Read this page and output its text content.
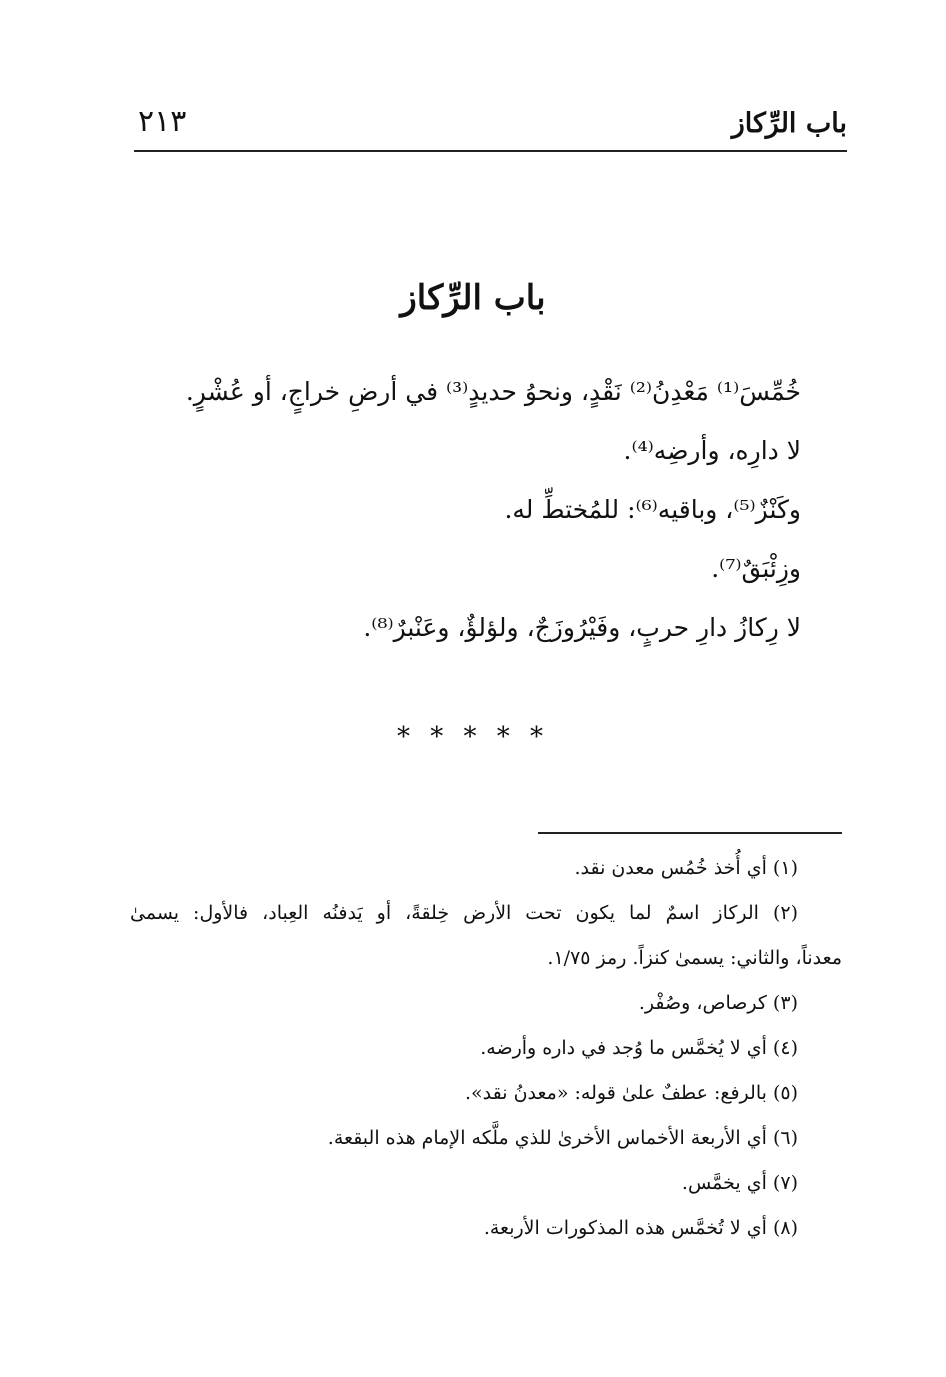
باب الرِّكاز
٢١٣
باب الرِّكاز
خُمِّسَ⁽¹⁾ مَعْدِنُ⁽²⁾ نَقْدٍ، ونحوُ حديدٍ⁽³⁾ في أرضِ خراجٍ، أو عُشْرٍ.
لا دارِه، وأرضِه⁽⁴⁾.
وكَنْزٌ⁽⁵⁾، وباقيه⁽⁶⁾: للمُختطِّ له.
وزِئْبَقٌ⁽⁷⁾.
لا رِكازُ دارِ حربٍ، وفَيْرُوزَجٌ، ولؤلؤٌ، وعَنْبرٌ⁽⁸⁾.
* * * * *
(١) أي أُخذ خُمُس معدن نقد.
(٢) الركاز اسمٌ لما يكون تحت الأرض خِلقةً، أو يَدفنُه العِباد، فالأول: يسمىٰ
معدناً، والثاني: يسمىٰ كنزاً. رمز ١/٧٥.
(٣) كرصاص، وصُفْر.
(٤) أي لا يُخمَّس ما وُجد في داره وأرضه.
(٥) بالرفع: عطفٌ علىٰ قوله: «معدنُ نقد».
(٦) أي الأربعة الأخماس الأخرىٰ للذي ملَّكه الإمام هذه البقعة.
(٧) أي يخمَّس.
(٨) أي لا تُخمَّس هذه المذكورات الأربعة.
